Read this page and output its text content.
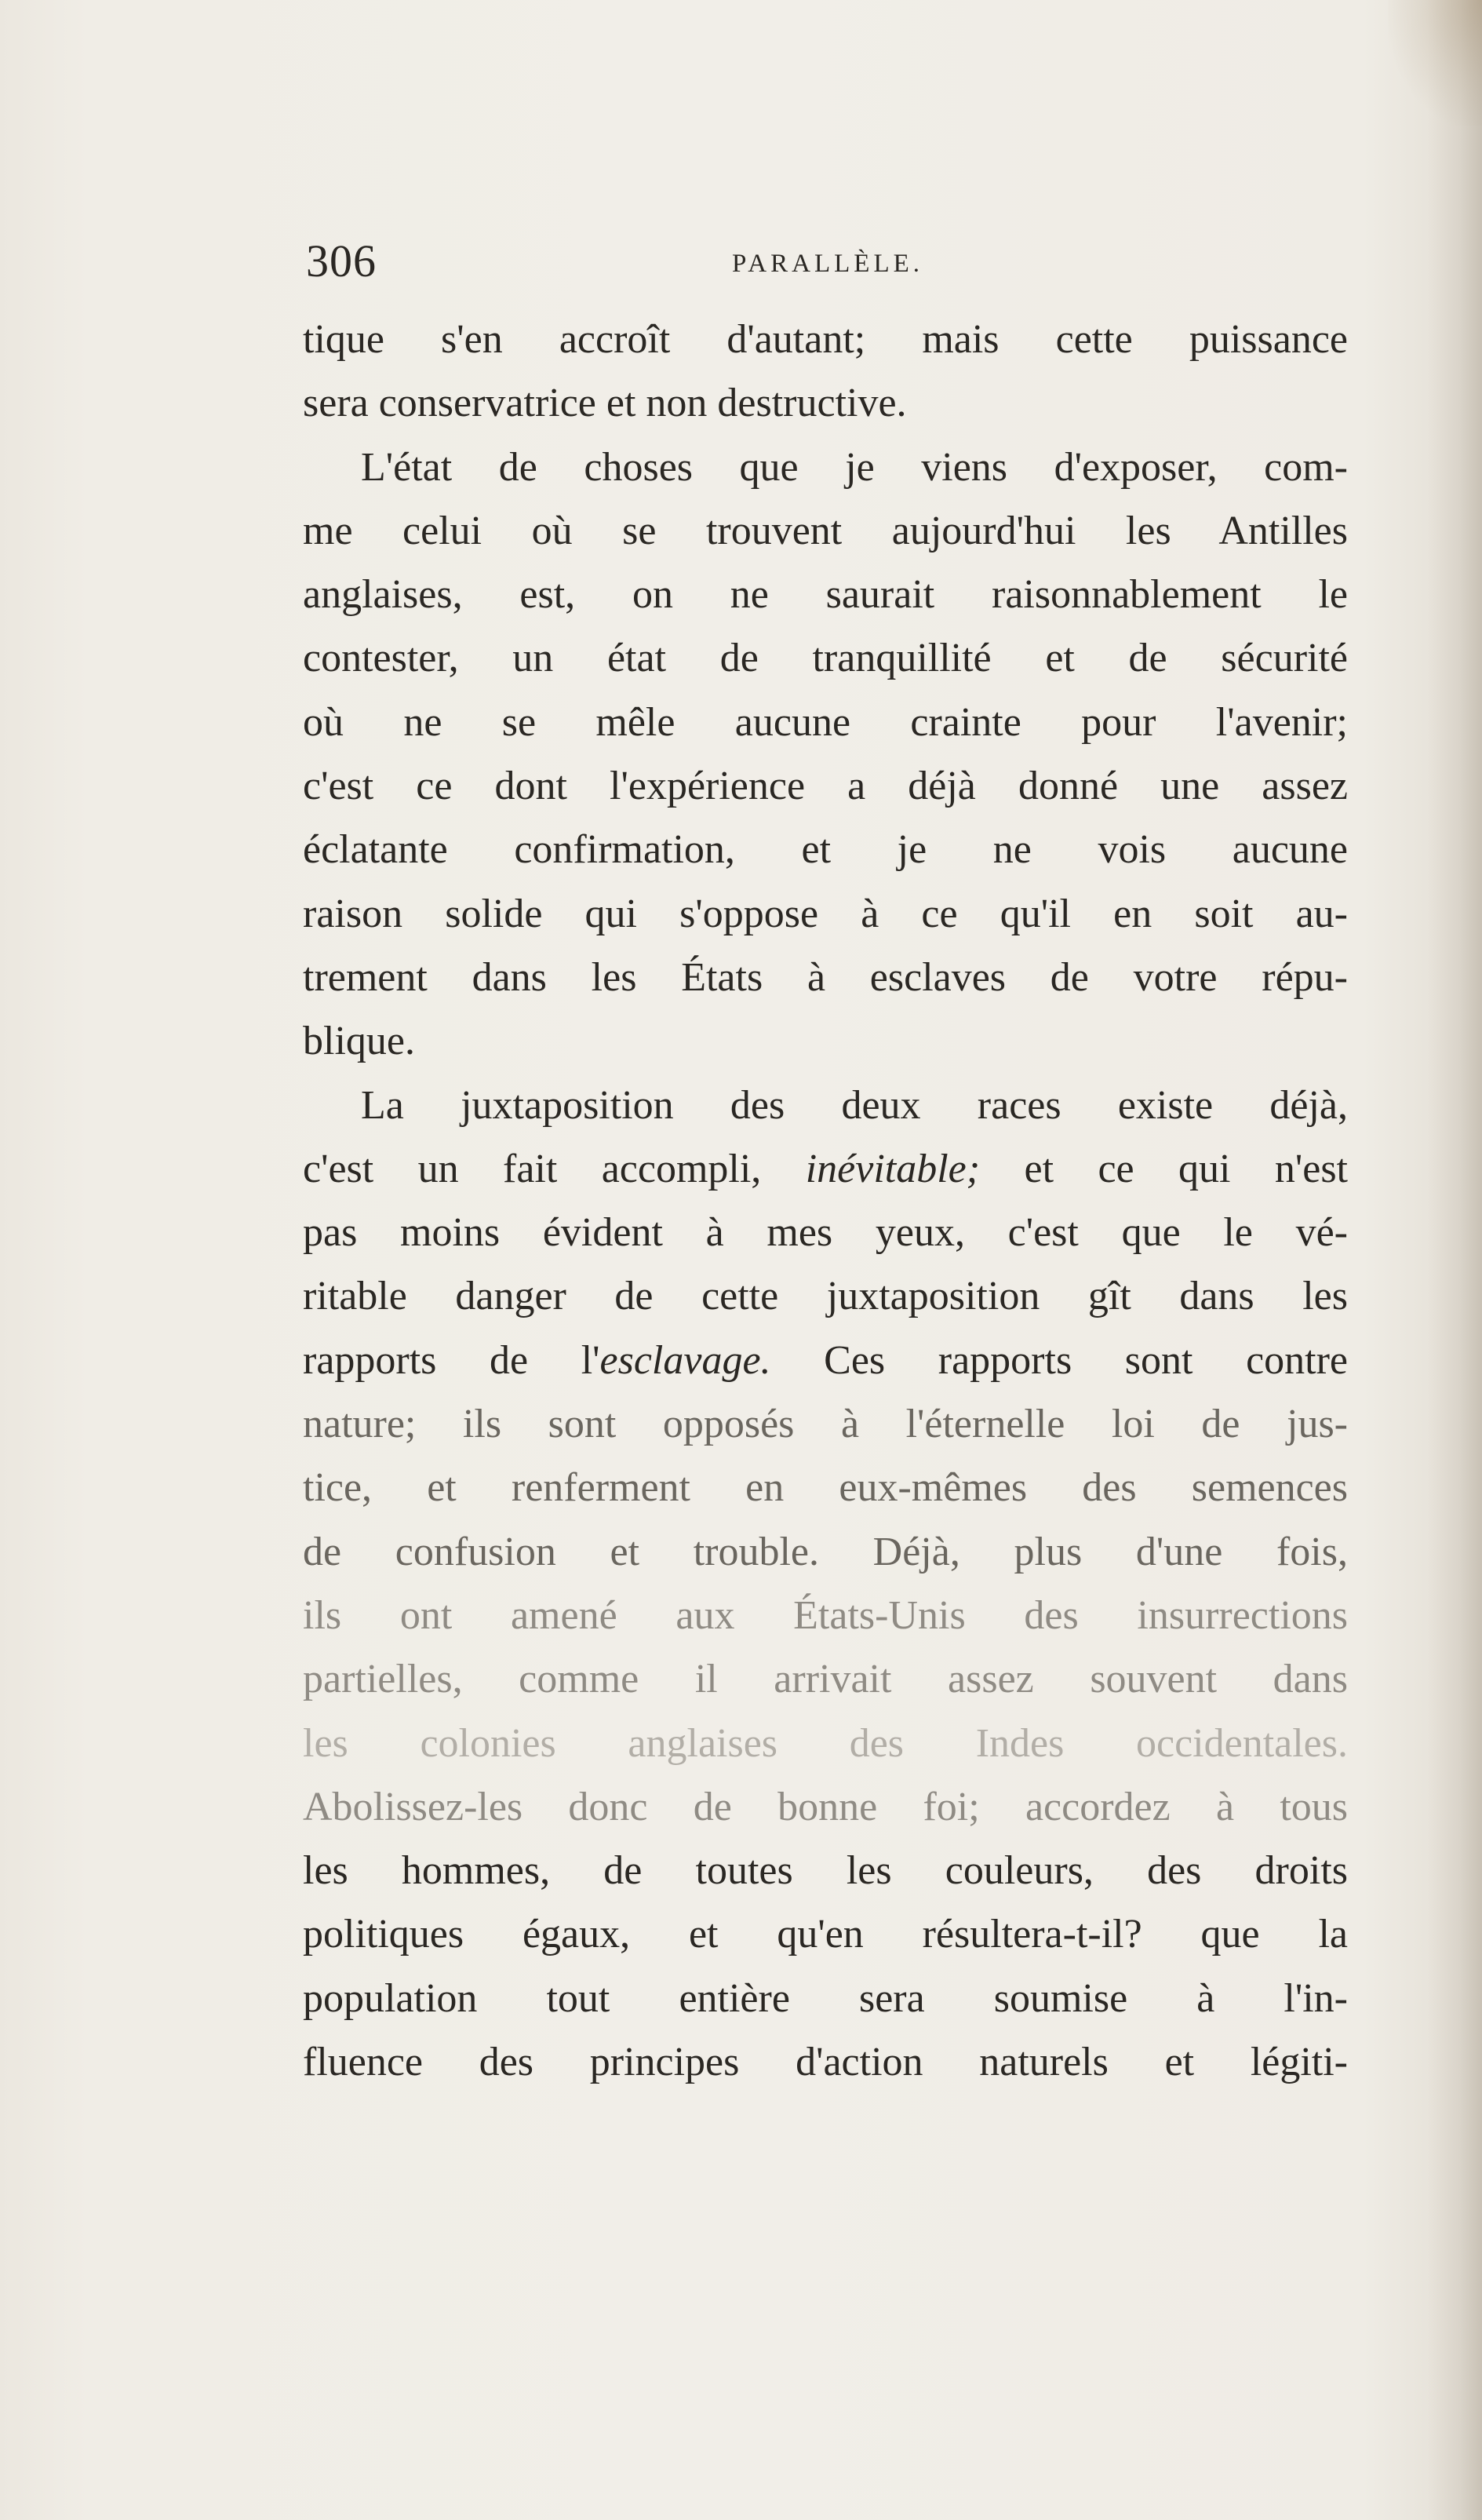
306	PARALLÈLE.
tique s'en accroît d'autant; mais cette puissance
sera conservatrice et non destructive.
L'état de choses que je viens d'exposer, com-
me celui où se trouvent aujourd'hui les Antilles
anglaises, est, on ne saurait raisonnablement le
contester, un état de tranquillité et de sécurité
où ne se mêle aucune crainte pour l'avenir;
c'est ce dont l'expérience a déjà donné une assez
éclatante confirmation, et je ne vois aucune
raison solide qui s'oppose à ce qu'il en soit au-
trement dans les États à esclaves de votre répu-
blique.
La juxtaposition des deux races existe déjà,
c'est un fait accompli, inévitable; et ce qui n'est
pas moins évident à mes yeux, c'est que le vé-
ritable danger de cette juxtaposition gît dans les
rapports de l'esclavage. Ces rapports sont contre
nature; ils sont opposés à l'éternelle loi de jus-
tice, et renferment en eux-mêmes des semences
de confusion et trouble. Déjà, plus d'une fois,
ils ont amené aux États-Unis des insurrections
partielles, comme il arrivait assez souvent dans
les colonies anglaises des Indes occidentales.
Abolissez-les donc de bonne foi; accordez à tous
les hommes, de toutes les couleurs, des droits
politiques égaux, et qu'en résultera-t-il? que la
population tout entière sera soumise à l'in-
fluence des principes d'action naturels et légiti-
